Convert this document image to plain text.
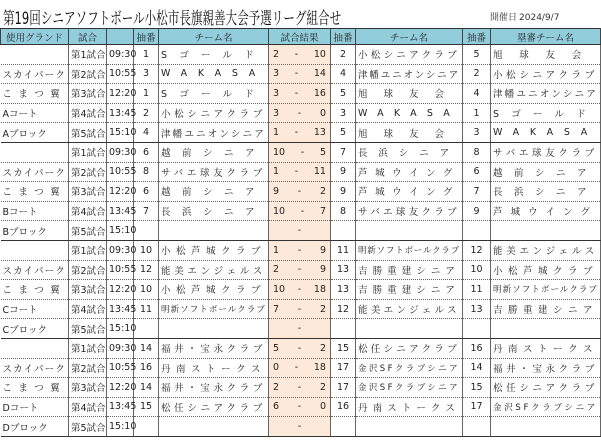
第19回シニアソフトボール小松市長旗親善大会予選リーグ組合せ	開催日 2024/9/7
使用グランド	試合		抽番	チーム名	試合結果	抽番	チーム名	抽番	塁審チーム名

	第1試合	09:30	1	Sゴールド	2 - 10	2	小松シニアクラブ	5	旭球友会

スカイパーク	第2試合	10:55	3	WAKASA	3 - 14	4	津幡ユニオンシニア	2	小松シニアクラブ

こまつ翼	第3試合	12:20	1	Sゴールド	3 - 16	5	旭球友会	4	津幡ユニオンシニア

Aコート	第4試合	13:45	2	小松シニアクラブ	3 - 0	3	WAKASA	1	Sゴールド

Aブロック	第5試合	15:10	4	津幡ユニオンシニア	1 - 13	5	旭球友会	3	WAKASA

	第1試合	09:30	6	越前シニア	10 - 5	7	長浜シニア	8	サバエ球友クラブ

スカイパーク	第2試合	10:55	8	サバエ球友クラブ	1 - 11	9	芦城ウイング	6	越前シニア

こまつ翼	第3試合	12:20	6	越前シニア	9 - 2	9	芦城ウイング	7	長浜シニア

Bコート	第4試合	13:45	7	長浜シニア	10 - 7	8	サバエ球友クラブ	9	芦城ウイング

Bブロック	第5試合	15:10			-				

	第1試合	09:30	10	小松芦城クラブ	1 - 9	11	明新ソフトボールクラブ	12	能美エンジェルス

スカイパーク	第2試合	10:55	12	能美エンジェルス	2 - 9	13	吉勝重建シニア	10	小松芦城クラブ

こまつ翼	第3試合	12:20	10	小松芦城クラブ	10 - 18	13	吉勝重建シニア	11	明新ソフトボールクラブ

Cコート	第4試合	13:45	11	明新ソフトボールクラブ	7 - 2	12	能美エンジェルス	13	吉勝重建シニア

Cブロック	第5試合	15:10			-				

	第1試合	09:30	14	福井・宝永クラブ	5 - 2	15	松任シニアクラブ	16	丹南ストークス

スカイパーク	第2試合	10:55	16	丹南ストークス	0 - 18	17	金沢SFクラブシニア	14	福井・宝永クラブ

こまつ翼	第3試合	12:20	14	福井・宝永クラブ	2 - 2	17	金沢SFクラブシニア	15	松任シニアクラブ

Dコート	第4試合	13:45	15	松任シニアクラブ	6 - 0	16	丹南ストークス	17	金沢SFクラブシニア

Dブロック	第5試合	15:10			-				
